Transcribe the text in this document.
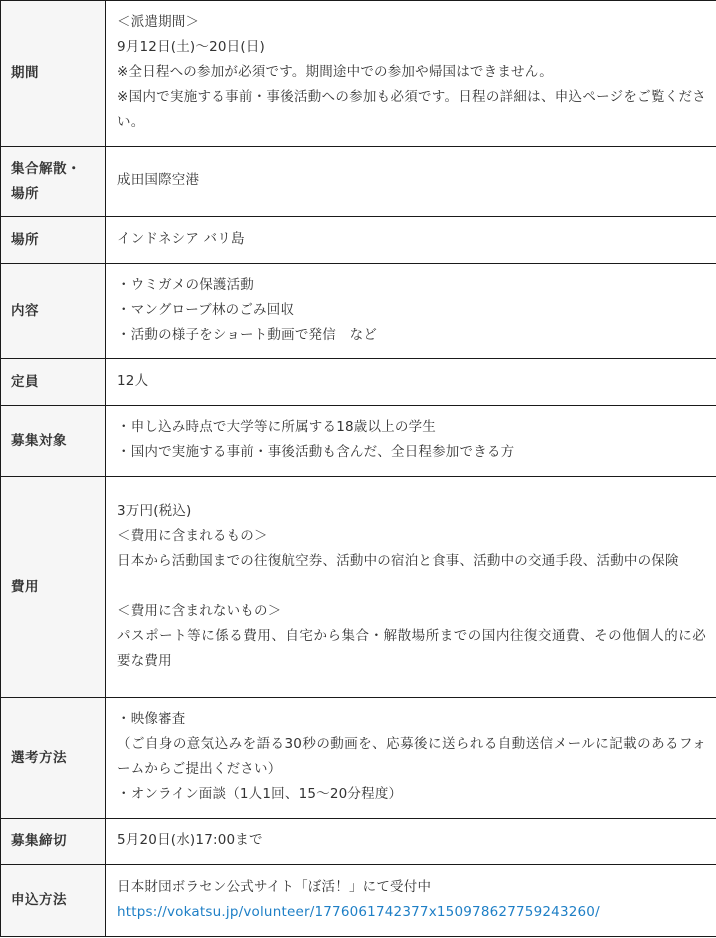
期間	＜派遣期間＞
9月12日(土)〜20日(日)
※全日程への参加が必須です。期間途中での参加や帰国はできません。
※国内で実施する事前・事後活動への参加も必須です。日程の詳細は、申込ページをご覧ください。

集合解散・ 場所	成田国際空港
場所	インドネシア バリ島
内容	・ウミガメの保護活動
・マングローブ林のごみ回収
・活動の様子をショート動画で発信　など

定員	12人
募集対象	・申し込み時点で大学等に所属する18歳以上の学生
・国内で実施する事前・事後活動も含んだ、全日程参加できる方

費用	3万円(税込)
＜費用に含まれるもの＞
日本から活動国までの往復航空券、活動中の宿泊と食事、活動中の交通手段、活動中の保険
＜費用に含まれないもの＞
パスポート等に係る費用、自宅から集合・解散場所までの国内往復交通費、その他個人的に必要な費用

選考方法	・映像審査
（ご自身の意気込みを語る30秒の動画を、応募後に送られる自動送信メールに記載のあるフォームからご提出ください）
・オンライン面談（1人1回、15〜20分程度）

募集締切	5月20日(水)17:00まで
申込方法	日本財団ボラセン公式サイト「ぼ活！」にて受付中
https://vokatsu.jp/volunteer/1776061742377x150978627759243260/
